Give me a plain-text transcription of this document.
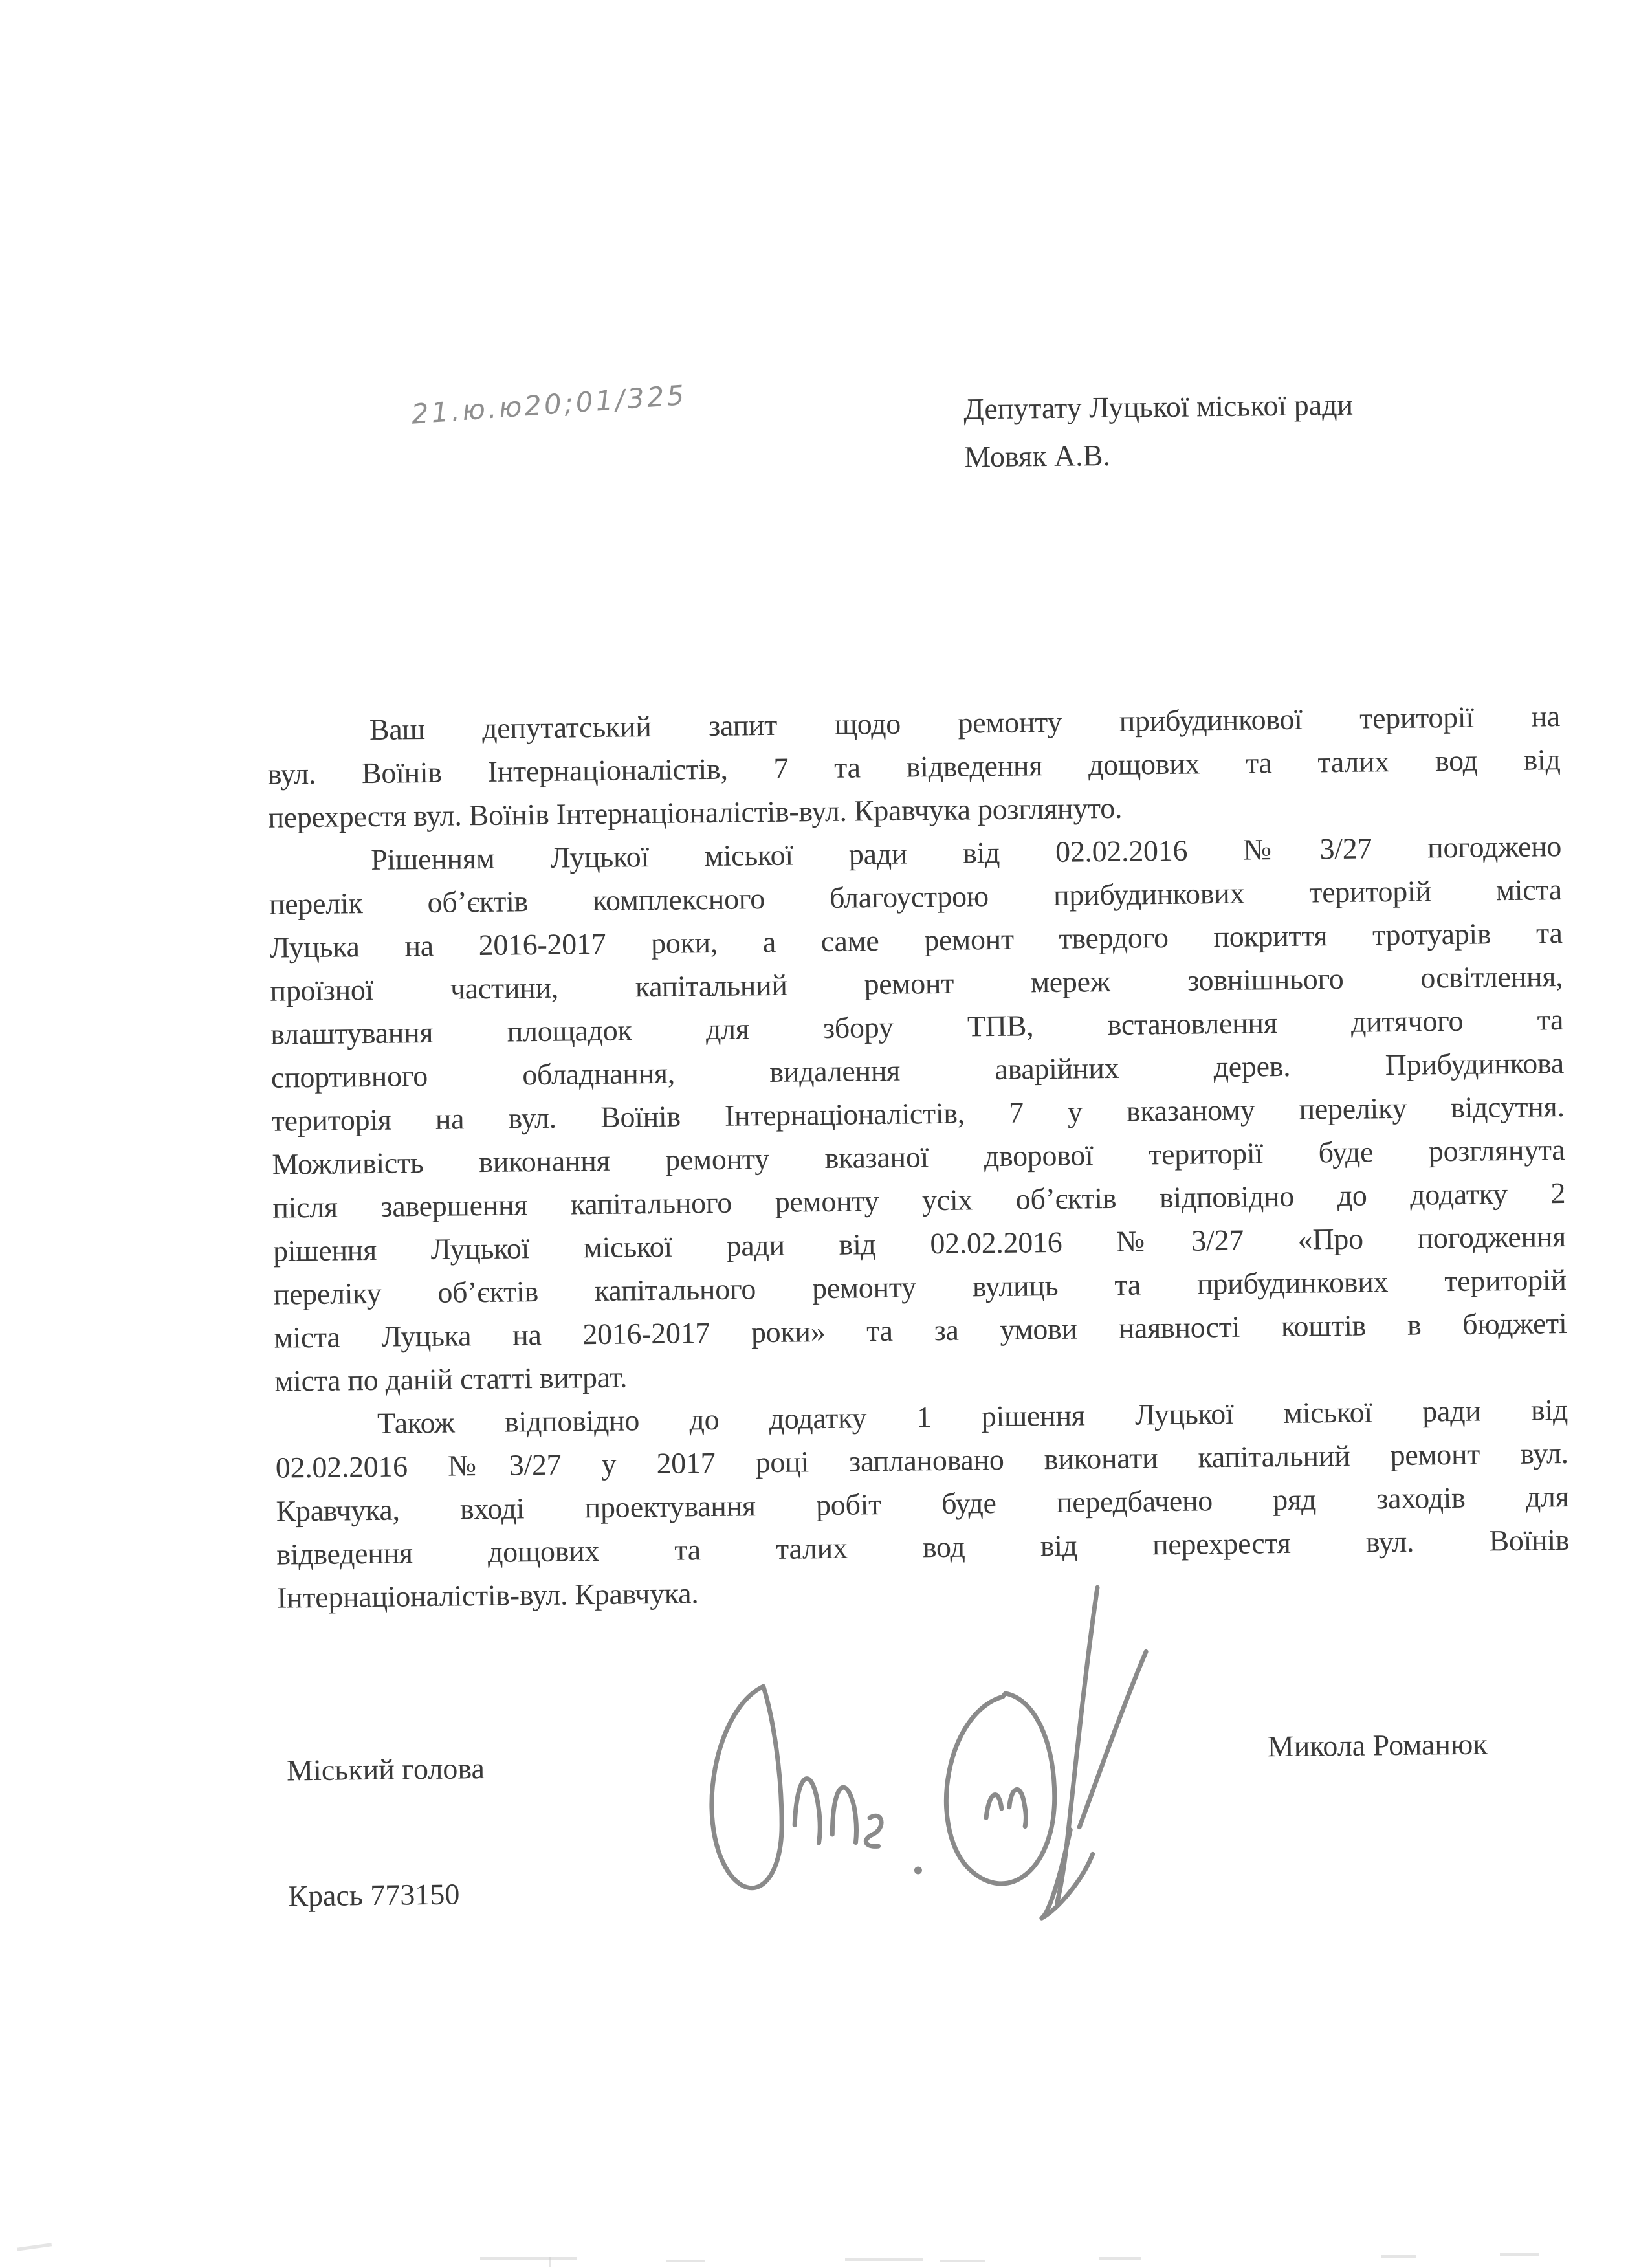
21.ю.ю20;01/325	Депутату Луцької міської ради
Мовяк А.В.
Ваш депутатський запит щодо ремонту прибудинкової території на
вул. Воїнів Інтернаціоналістів, 7 та відведення дощових та талих вод від
перехрестя вул. Воїнів Інтернаціоналістів-вул. Кравчука розглянуто.
Рішенням Луцької міської ради від 02.02.2016 №3/27 погоджено
перелік об’єктів комплексного благоустрою прибудинкових територій міста
Луцька на 2016-2017 роки, а саме ремонт твердого покриття тротуарів та
проїзної частини, капітальний ремонт мереж зовнішнього освітлення,
влаштування площадок для збору ТПВ, встановлення дитячого та
спортивного обладнання, видалення аварійних дерев. Прибудинкова
територія на вул. Воїнів Інтернаціоналістів, 7 у вказаному переліку відсутня.
Можливість виконання ремонту вказаної дворової території буде розглянута
після завершення капітального ремонту усіх об’єктів відповідно до додатку 2
рішення Луцької міської ради від 02.02.2016 №3/27 «Про погодження
переліку об’єктів капітального ремонту вулиць та прибудинкових територій
міста Луцька на 2016-2017 роки» та за умови наявності коштів в бюджеті
міста по даній статті витрат.
Також відповідно до додатку 1 рішення Луцької міської ради від
02.02.2016 №3/27 у 2017 році заплановано виконати капітальний ремонт вул.
Кравчука, вході проектування робіт буде передбачено ряд заходів для
відведення дощових та талих вод від перехрестя вул. Воїнів
Інтернаціоналістів-вул. Кравчука.
Міський голова
Микола Романюк
Крась 773150
